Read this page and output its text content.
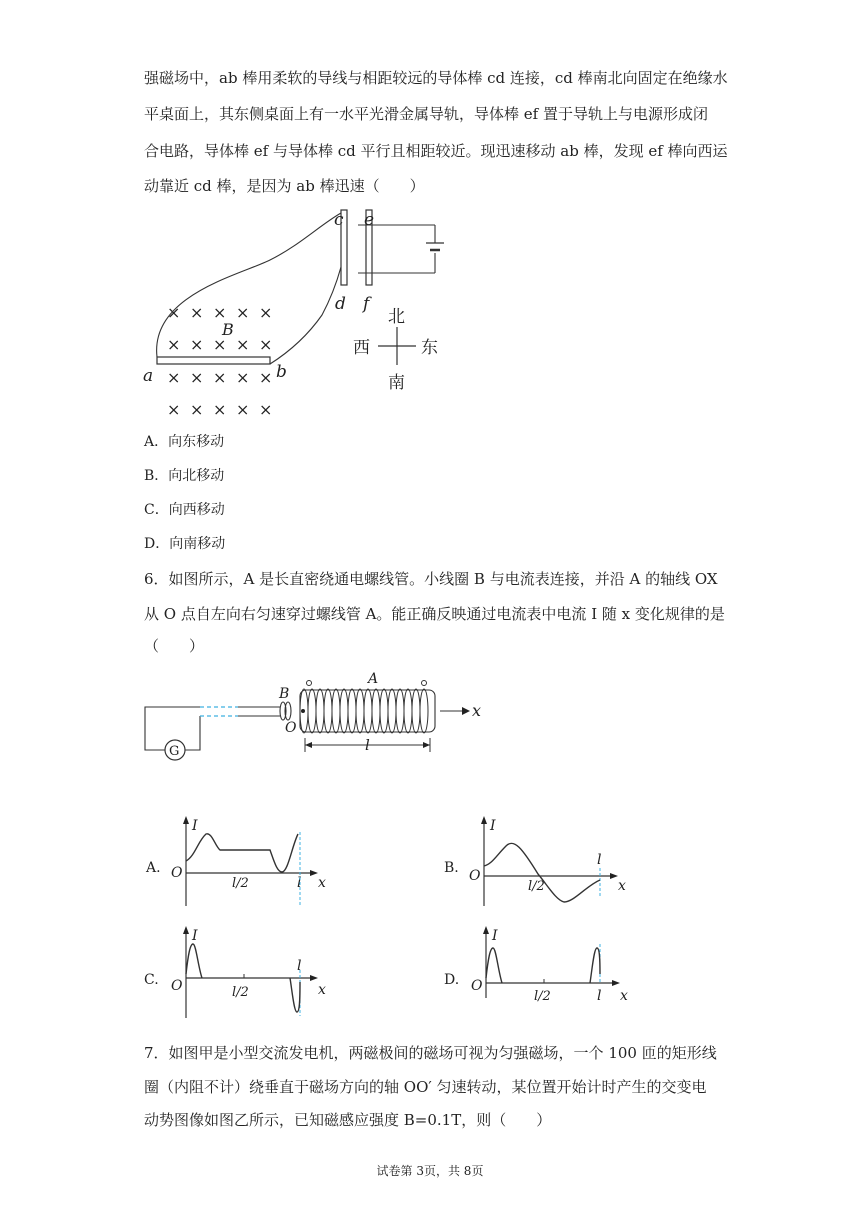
强磁场中，ab 棒用柔软的导线与相距较远的导体棒 cd 连接，cd 棒南北向固定在绝缘水
平桌面上，其东侧桌面上有一水平光滑金属导轨，导体棒 ef 置于导轨上与电源形成闭
合电路，导体棒 ef 与导体棒 cd 平行且相距较近。现迅速移动 ab 棒，发现 ef 棒向西运
动靠近 cd 棒，是因为 ab 棒迅速（　　）
× × × × ×
× × × × ×
× × × × ×
× × × × ×
a	b
c
d
e
f
B
北
南
西	东
A．向东移动
B．向北移动
C．向西移动
D．向南移动
6．如图所示，A 是长直密绕通电螺线管。小线圈 B 与电流表连接，并沿 A 的轴线 OX
从 O 点自左向右匀速穿过螺线管 A。能正确反映通过电流表中电流 I 随 x 变化规律的是
（　　）
G
B
O
A
x
l
A.
I
O
l/2	l x
B.
I
O
l/2
l
x
C.
I
O	l/2
l
x
D.
I
O
l/2	l x
7．如图甲是小型交流发电机，两磁极间的磁场可视为匀强磁场，一个 100 匝的矩形线
圈（内阻不计）绕垂直于磁场方向的轴 OO′ 匀速转动，某位置开始计时产生的交变电
动势图像如图乙所示，已知磁感应强度 B=0.1T，则（　　）
试卷第 3页，共 8页
